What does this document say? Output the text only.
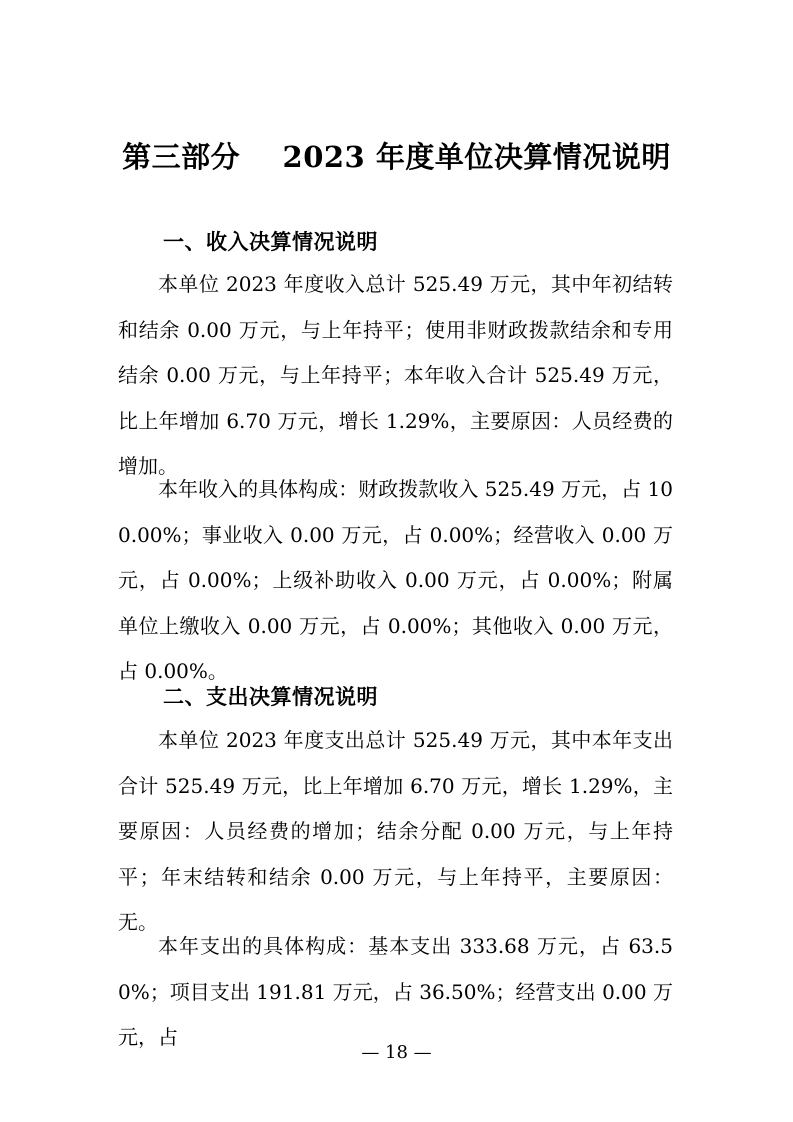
第三部分    2023 年度单位决算情况说明
一、收入决算情况说明

本单位 2023 年度收入总计 525.49 万元，其中年初结转和结余 0.00 万元，与上年持平；使用非财政拨款结余和专用结余 0.00 万元，与上年持平；本年收入合计 525.49 万元，比上年增加 6.70 万元，增长 1.29%，主要原因：人员经费的增加。

本年收入的具体构成：财政拨款收入 525.49 万元，占 100.00%；事业收入 0.00 万元，占 0.00%；经营收入 0.00 万元，占 0.00%；上级补助收入 0.00 万元，占 0.00%；附属单位上缴收入 0.00 万元，占 0.00%；其他收入 0.00 万元，占 0.00%。

二、支出决算情况说明

本单位 2023 年度支出总计 525.49 万元，其中本年支出合计 525.49 万元，比上年增加 6.70 万元，增长 1.29%，主要原因：人员经费的增加；结余分配 0.00 万元，与上年持平；年末结转和结余 0.00 万元，与上年持平，主要原因：无。

本年支出的具体构成：基本支出 333.68 万元，占 63.50%；项目支出 191.81 万元，占 36.50%；经营支出 0.00 万元，占

— 18 —
